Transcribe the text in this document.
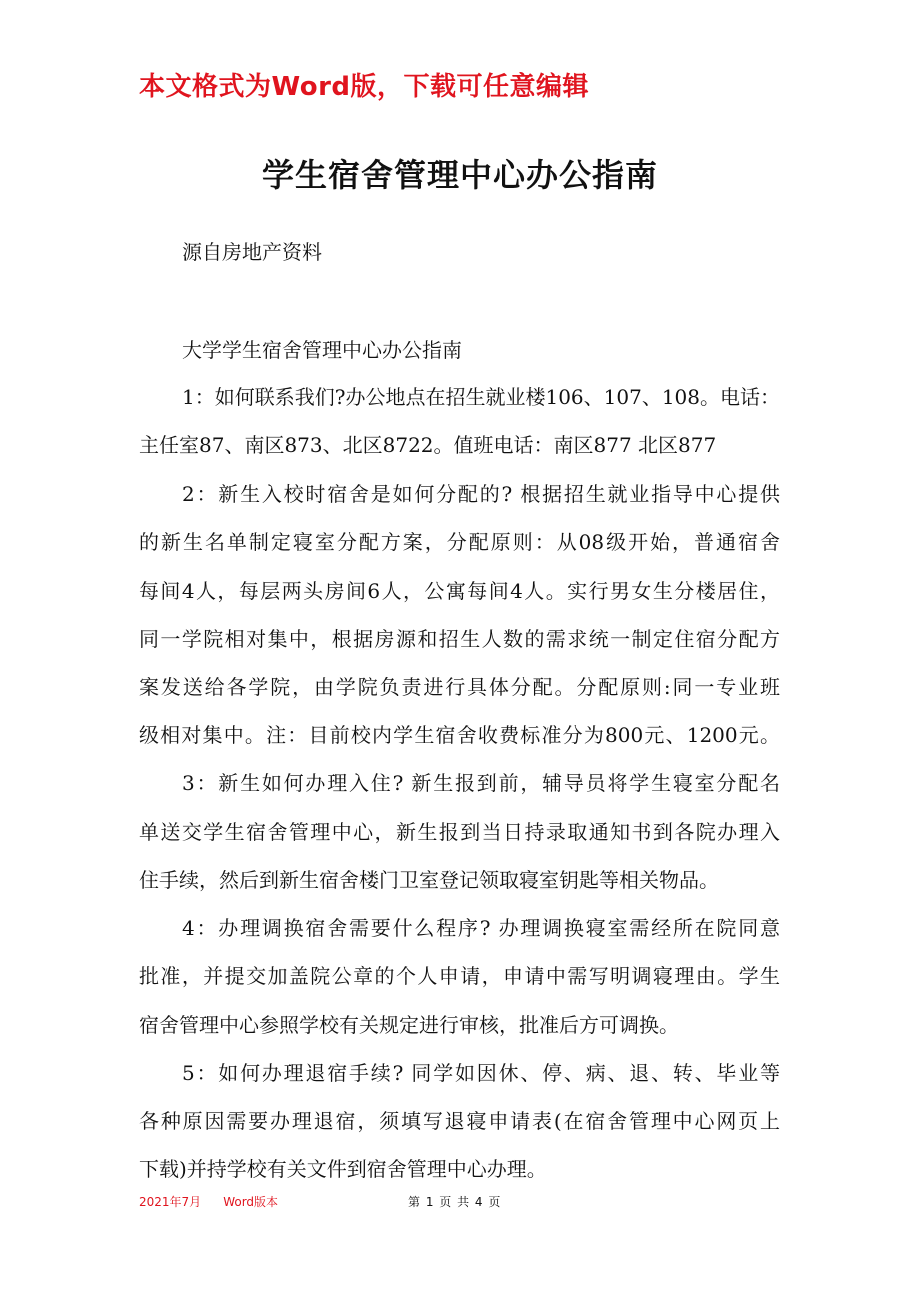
本文格式为Word版，下载可任意编辑
学生宿舍管理中心办公指南
源自房地产资料
大学学生宿舍管理中心办公指南
1：如何联系我们?办公地点在招生就业楼106、107、108。电话：
主任室87、南区873、北区8722。值班电话：南区877 北区877
2：新生入校时宿舍是如何分配的? 根据招生就业指导中心提供
的新生名单制定寝室分配方案，分配原则：从08级开始，普通宿舍
每间4人，每层两头房间6人，公寓每间4人。实行男女生分楼居住，
同一学院相对集中，根据房源和招生人数的需求统一制定住宿分配方
案发送给各学院，由学院负责进行具体分配。分配原则:同一专业班
级相对集中。注：目前校内学生宿舍收费标准分为800元、1200元。
3：新生如何办理入住? 新生报到前，辅导员将学生寝室分配名
单送交学生宿舍管理中心，新生报到当日持录取通知书到各院办理入
住手续，然后到新生宿舍楼门卫室登记领取寝室钥匙等相关物品。
4：办理调换宿舍需要什么程序? 办理调换寝室需经所在院同意
批准，并提交加盖院公章的个人申请，申请中需写明调寝理由。学生
宿舍管理中心参照学校有关规定进行审核，批准后方可调换。
5：如何办理退宿手续? 同学如因休、停、病、退、转、毕业等
各种原因需要办理退宿，须填写退寝申请表(在宿舍管理中心网页上
下载)并持学校有关文件到宿舍管理中心办理。
2021年7月 Word版本	第 1 页 共 4 页
